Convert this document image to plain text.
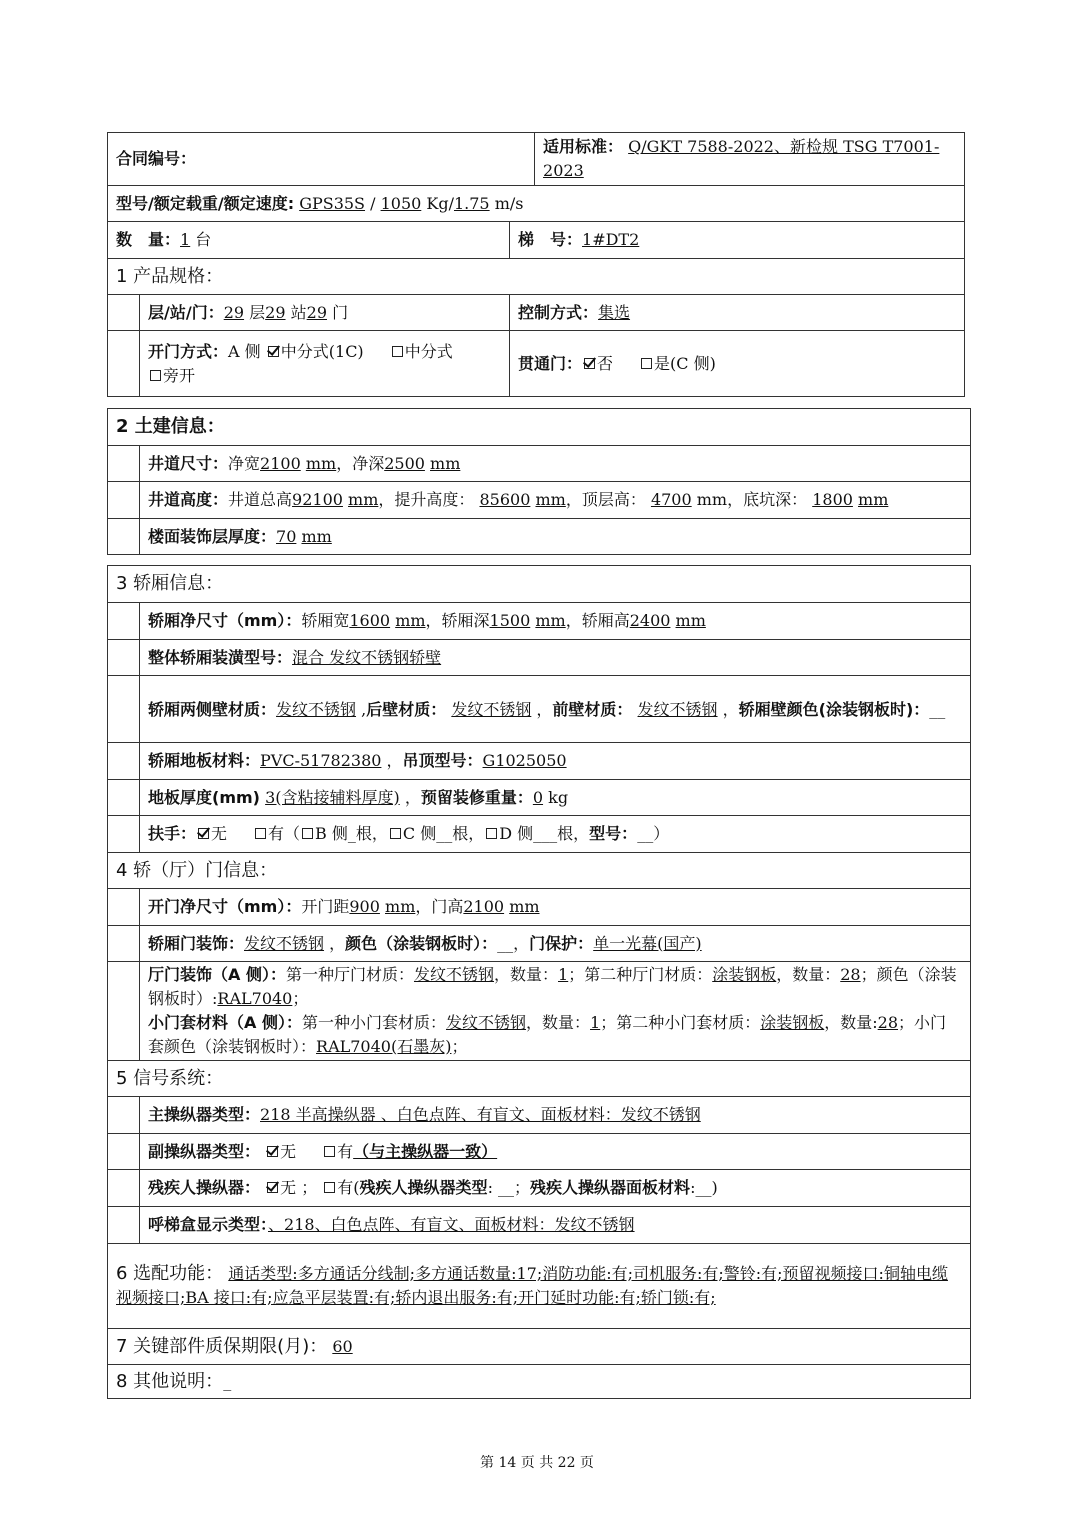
合同编号：			适用标准： Q/GKT 7588-2022、新检规 TSG T7001-2023
型号/额定载重/额定速度: GPS35S / 1050 Kg/1.75 m/s			
数　量：1 台		梯　号：1#DT2	
1 产品规格：			
	层/站/门：29 层29 站29 门	控制方式：集选	
	开门方式：A 侧 中分式(1C) 中分式
旁开	贯通门： 否 是(C 侧)	
2 土建信息：	
	井道尺寸：净宽2100 mm，净深2500 mm
	井道高度：井道总高92100 mm，提升高度： 85600 mm，顶层高： 4700 mm，底坑深： 1800 mm
	楼面装饰层厚度：70 mm
3 轿厢信息：	
	轿厢净尺寸（mm）：轿厢宽1600 mm，轿厢深1500 mm，轿厢高2400 mm
	整体轿厢装潢型号：混合 发纹不锈钢轿壁
	轿厢两侧壁材质：发纹不锈钢 ,后壁材质： 发纹不锈钢 ，前壁材质： 发纹不锈钢 ，轿厢壁颜色(涂装钢板时)：__
	轿厢地板材料：PVC-51782380 ，吊顶型号：G1025050
	地板厚度(mm) 3(含粘接辅料厚度) ，预留装修重量：0 kg
	扶手： 无 有（ B 侧_根， C 侧__根， D 侧___根，型号：__）
4 轿（厅）门信息：	
	开门净尺寸（mm）：开门距900 mm，门高2100 mm
	轿厢门装饰：发纹不锈钢 ，颜色（涂装钢板时）：__，门保护：单一光幕(国产)
	厅门装饰（A 侧）：第一种厅门材质：发纹不锈钢，数量：1；第二种厅门材质：涂装钢板，数量：28；颜色（涂装钢板时）:RAL7040；
小门套材料（A 侧）：第一种小门套材质：发纹不锈钢，数量：1；第二种小门套材质：涂装钢板，数量:28；小门套颜色（涂装钢板时）：RAL7040(石墨灰)；
5 信号系统：	
	主操纵器类型：218 半高操纵器 、白色点阵、有盲文、面板材料：发纹不锈钢
	副操纵器类型： 无 有（与主操纵器一致）
	残疾人操纵器： 无 ； 有(残疾人操纵器类型: __；残疾人操纵器面板材料:__)
	呼梯盒显示类型：、218、白色点阵、有盲文、面板材料：发纹不锈钢
6 选配功能： 通话类型:多方通话分线制;多方通话数量:17;消防功能:有;司机服务:有;警铃:有;预留视频接口:铜轴电缆视频接口;BA 接口:有;应急平层装置:有;轿内退出服务:有;开门延时功能:有;轿门锁:有;	
7 关键部件质保期限(月)： 60	
8 其他说明：_	
第 14 页 共 22 页
